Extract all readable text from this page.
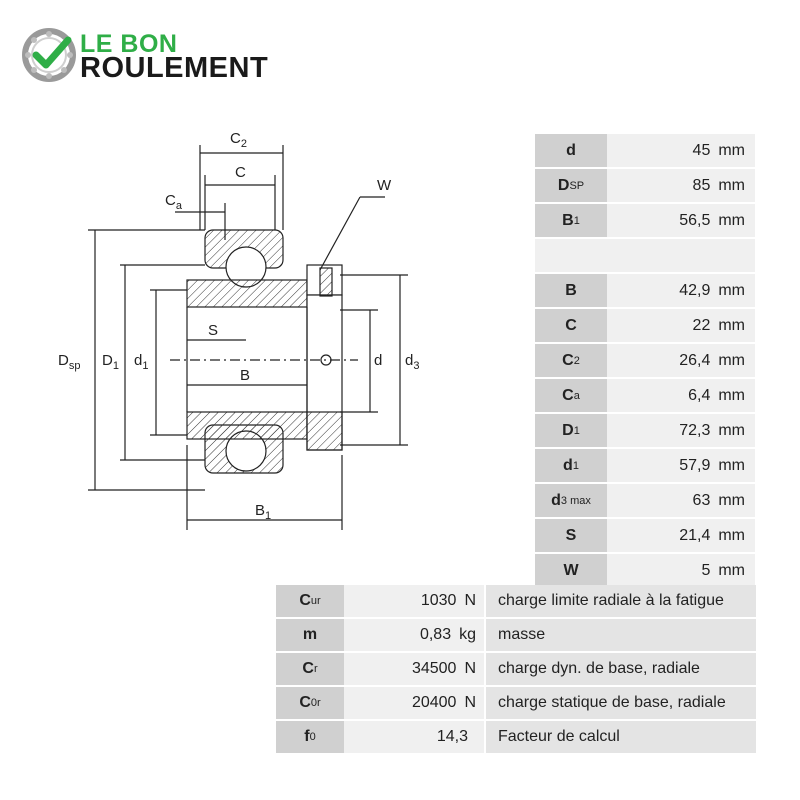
LE BON
ROULEMENT
$C_2$
C
$C_a$
W
$D_{sp}$ $D_1$ $d_1$
S
B
d $d_3$
$B_1$
d	45 mm
D SP	85 mm
B 1	56,5 mm
B	42,9 mm
C	22 mm
C 2	26,4 mm
C a	6,4 mm
D 1	72,3 mm
d 1	57,9 mm
d 3 max	63 mm
S	21,4 mm
W	5 mm
C ur	1030 N	charge limite radiale à la fatigue
m	0,83 kg	masse
C r	34500 N	charge dyn. de base, radiale
C 0r	20400 N	charge statique de base, radiale
f 0	14,3	Facteur de calcul
